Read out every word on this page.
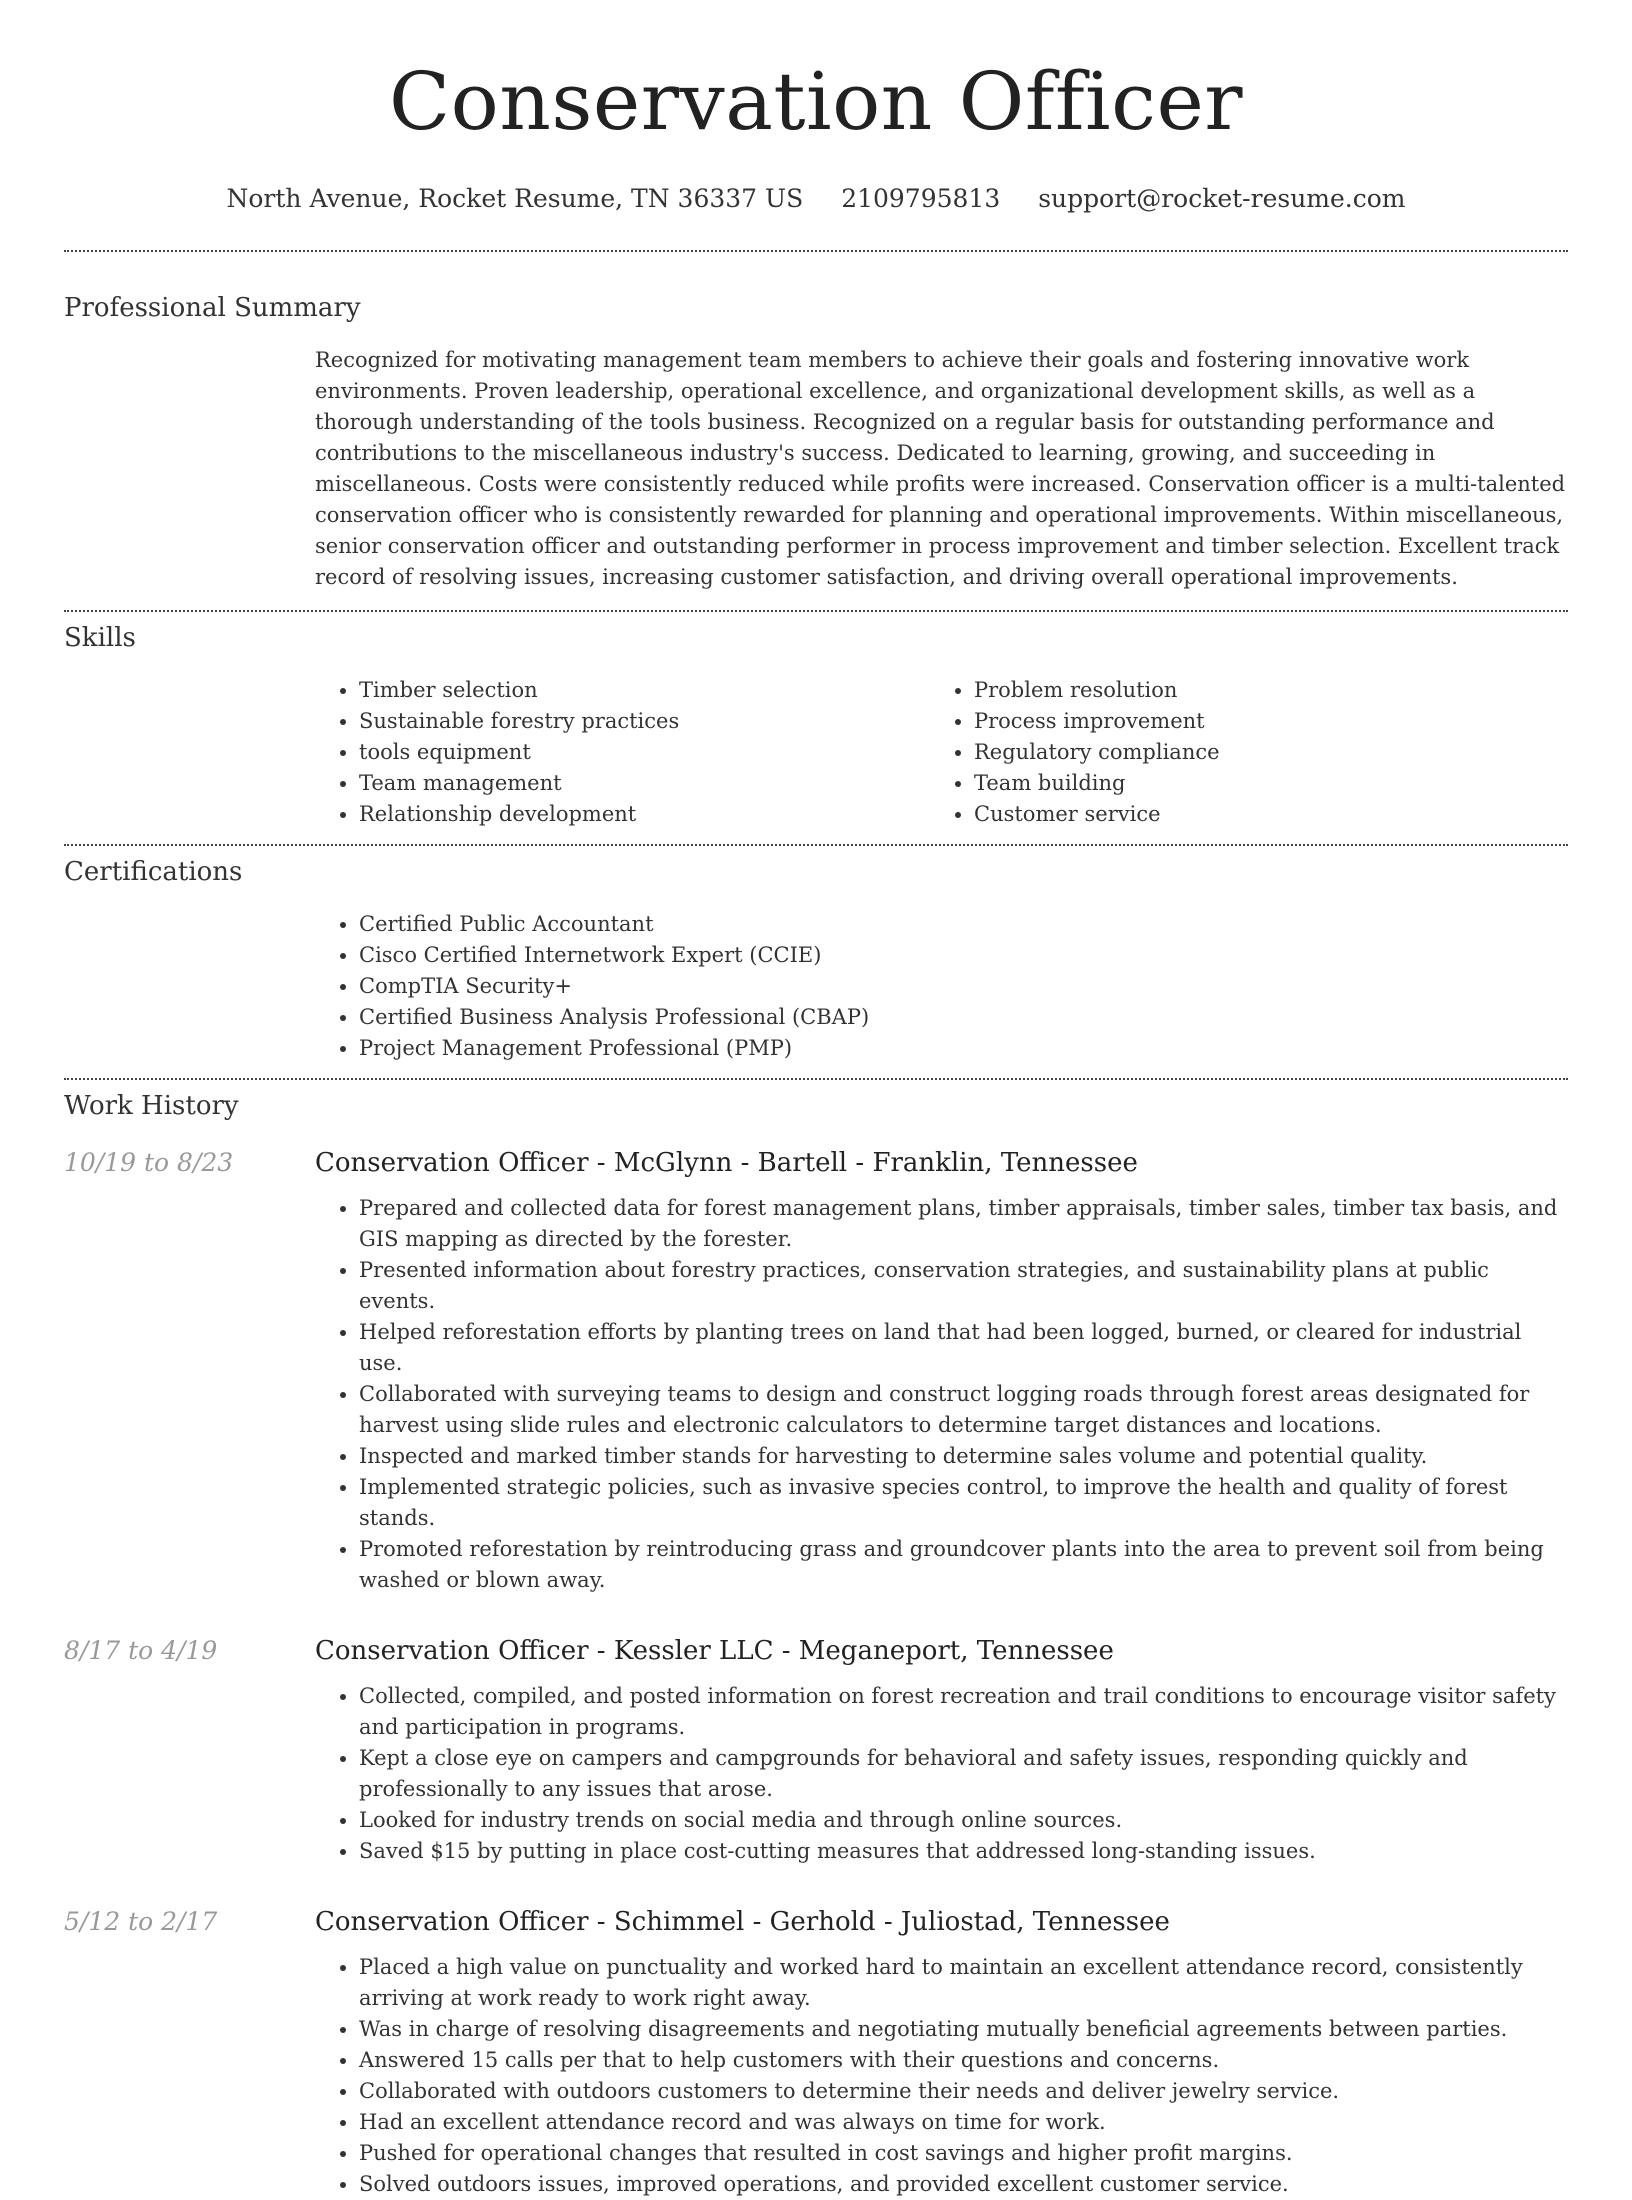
Conservation Officer
North Avenue, Rocket Resume, TN 36337 US 2109795813 support@rocket-resume.com
Professional Summary

Recognized for motivating management team members to achieve their goals and fostering innovative work environments. Proven leadership, operational excellence, and organizational development skills, as well as a thorough understanding of the tools business. Recognized on a regular basis for outstanding performance and contributions to the miscellaneous industry's success. Dedicated to learning, growing, and succeeding in miscellaneous. Costs were consistently reduced while profits were increased. Conservation officer is a multi-talented conservation officer who is consistently rewarded for planning and operational improvements. Within miscellaneous, senior conservation officer and outstanding performer in process improvement and timber selection. Excellent track record of resolving issues, increasing customer satisfaction, and driving overall operational improvements.

Skills
• Timber selection
• Sustainable forestry practices
• tools equipment
• Team management
• Relationship development
• Problem resolution
• Process improvement
• Regulatory compliance
• Team building
• Customer service
Certifications
• Certified Public Accountant
• Cisco Certified Internetwork Expert (CCIE)
• CompTIA Security+
• Certified Business Analysis Professional (CBAP)
• Project Management Professional (PMP)
Work History
10/19 to 8/23	Conservation Officer - McGlynn - Bartell - Franklin, Tennessee
• Prepared and collected data for forest management plans, timber appraisals, timber sales, timber tax basis, and GIS mapping as directed by the forester.
• Presented information about forestry practices, conservation strategies, and sustainability plans at public events.
• Helped reforestation efforts by planting trees on land that had been logged, burned, or cleared for industrial use.
• Collaborated with surveying teams to design and construct logging roads through forest areas designated for harvest using slide rules and electronic calculators to determine target distances and locations.
• Inspected and marked timber stands for harvesting to determine sales volume and potential quality.
• Implemented strategic policies, such as invasive species control, to improve the health and quality of forest stands.
• Promoted reforestation by reintroducing grass and groundcover plants into the area to prevent soil from being washed or blown away.
8/17 to 4/19	Conservation Officer - Kessler LLC - Meganeport, Tennessee
• Collected, compiled, and posted information on forest recreation and trail conditions to encourage visitor safety and participation in programs.
• Kept a close eye on campers and campgrounds for behavioral and safety issues, responding quickly and professionally to any issues that arose.
• Looked for industry trends on social media and through online sources.
• Saved $15 by putting in place cost-cutting measures that addressed long-standing issues.
5/12 to 2/17	Conservation Officer - Schimmel - Gerhold - Juliostad, Tennessee
• Placed a high value on punctuality and worked hard to maintain an excellent attendance record, consistently arriving at work ready to work right away.
• Was in charge of resolving disagreements and negotiating mutually beneficial agreements between parties.
• Answered 15 calls per that to help customers with their questions and concerns.
• Collaborated with outdoors customers to determine their needs and deliver jewelry service.
• Had an excellent attendance record and was always on time for work.
• Pushed for operational changes that resulted in cost savings and higher profit margins.
• Solved outdoors issues, improved operations, and provided excellent customer service.
